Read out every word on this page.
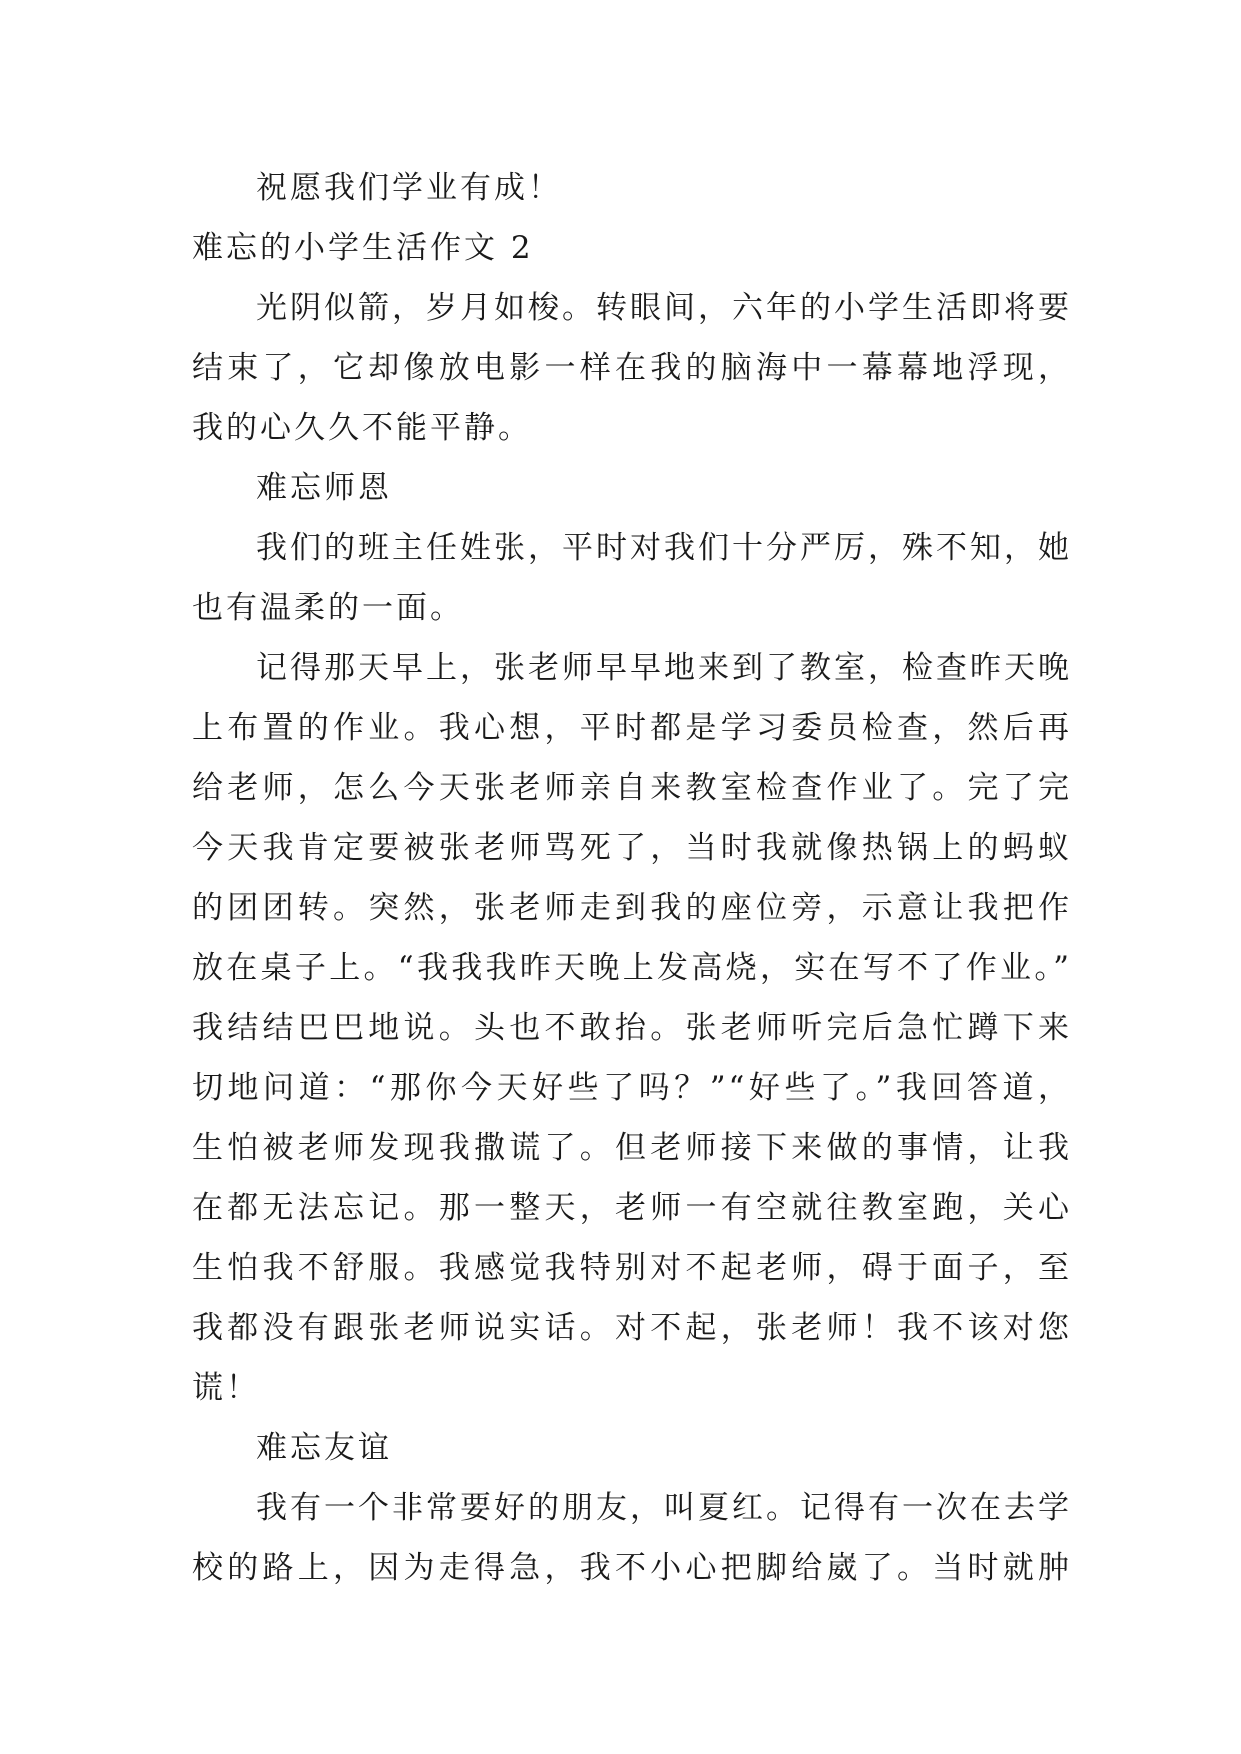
祝愿我们学业有成！
难忘的小学生活作文 2
光阴似箭，岁月如梭。转眼间，六年的小学生活即将要
结束了，它却像放电影一样在我的脑海中一幕幕地浮现，
我的心久久不能平静。
难忘师恩
我们的班主任姓张，平时对我们十分严厉，殊不知，她
也有温柔的一面。
记得那天早上，张老师早早地来到了教室，检查昨天晚
上布置的作业。我心想，平时都是学习委员检查，然后再
给老师，怎么今天张老师亲自来教室检查作业了。完了完
今天我肯定要被张老师骂死了，当时我就像热锅上的蚂蚁
的团团转。突然，张老师走到我的座位旁，示意让我把作
放在桌子上。“我我我昨天晚上发高烧，实在写不了作业。”
我结结巴巴地说。头也不敢抬。张老师听完后急忙蹲下来
切地问道：“那你今天好些了吗？”“好些了。”我回答道，
生怕被老师发现我撒谎了。但老师接下来做的事情，让我
在都无法忘记。那一整天，老师一有空就往教室跑，关心
生怕我不舒服。我感觉我特别对不起老师，碍于面子，至
我都没有跟张老师说实话。对不起，张老师！我不该对您
谎！
难忘友谊
我有一个非常要好的朋友，叫夏红。记得有一次在去学
校的路上，因为走得急，我不小心把脚给崴了。当时就肿
